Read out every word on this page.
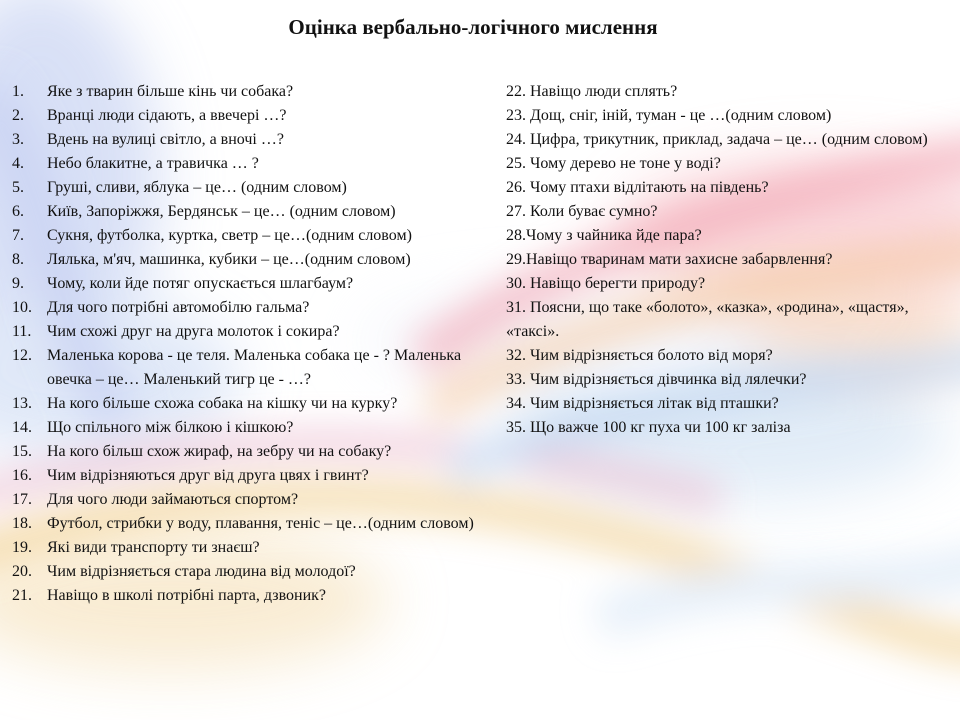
Оцінка вербально-логічного мислення
1.	Яке з тварин більше кінь чи собака?
2.	Вранці люди сідають, а ввечері …?
3.	Вдень на вулиці світло, а вночі …?
4.	Небо блакитне, а травичка … ?
5.	Груші, сливи, яблука – це… (одним словом)
6.	Київ, Запоріжжя, Бердянськ – це… (одним словом)
7.	Сукня, футболка, куртка, светр – це…(одним словом)
8.	Лялька, м'яч, машинка, кубики – це…(одним словом)
9.	Чому, коли йде потяг опускається шлагбаум?
10. Для чого потрібні автомобілю гальма?
11. Чим схожі друг на друга молоток і сокира?
12. Маленька корова - це теля. Маленька собака це - ? Маленька овечка – це… Маленький тигр це - …?
13. На кого більше схожа собака на кішку чи на курку?
14. Що спільного між білкою і кішкою?
15. На кого більш схож жираф, на зебру чи на собаку?
16. Чим відрізняються друг від друга цвях і гвинт?
17. Для чого люди займаються спортом?
18. Футбол, стрибки у воду, плавання, теніс – це…(одним словом)
19. Які види транспорту ти знаєш?
20. Чим відрізняється стара людина від молодої?
21. Навіщо в школі потрібні парта, дзвоник?
22. Навіщо люди сплять?
23. Дощ, сніг, іній, туман - це …(одним словом)
24. Цифра, трикутник, приклад, задача – це… (одним словом)
25. Чому дерево не тоне у воді?
26. Чому птахи відлітають на південь?
27. Коли буває сумно?
28.Чому з чайника йде пара?
29.Навіщо тваринам мати захисне забарвлення?
30. Навіщо берегти природу?
31. Поясни, що таке «болото», «казка», «родина», «щастя», «таксі».
32. Чим відрізняється болото від моря?
33. Чим відрізняється дівчинка від лялечки?
34. Чим відрізняється літак від пташки?
35. Що важче 100 кг пуха чи 100 кг заліза
